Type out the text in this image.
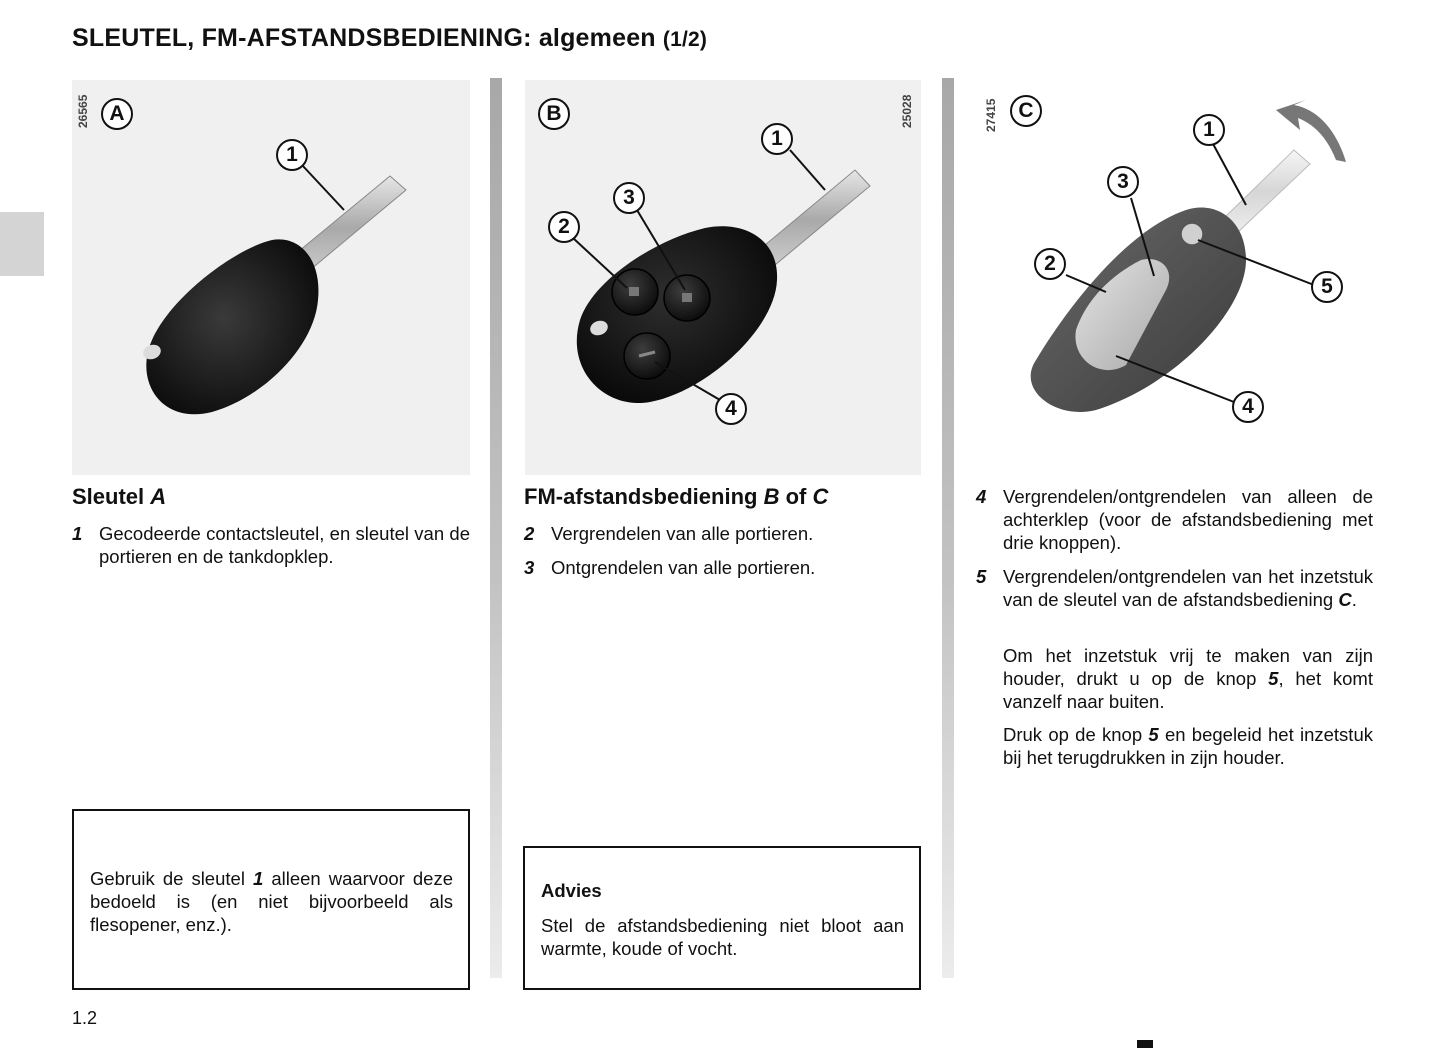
SLEUTEL, FM-AFSTANDSBEDIENING: algemeen (1/2)
26565 A
1
25028
B
1
2
3
4
27415 C
1
2
3
4
5
Sleutel A
1 Gecodeerde contactsleutel, en sleutel van de portieren en de tankdopklep.
Gebruik de sleutel 1 alleen waarvoor deze bedoeld is (en niet bijvoorbeeld als flesopener, enz.).
FM-afstandsbediening B of C
2 Vergrendelen van alle portieren.
3 Ontgrendelen van alle portieren.
Advies
Stel de afstandsbediening niet bloot aan warmte, koude of vocht.
4 Vergrendelen/ontgrendelen van alleen de achterklep (voor de afstandsbediening met drie knoppen).
5 Vergrendelen/ontgrendelen van het inzetstuk van de sleutel van de afstandsbediening C.
Om het inzetstuk vrij te maken van zijn houder, drukt u op de knop 5, het komt vanzelf naar buiten.
Druk op de knop 5 en begeleid het inzetstuk bij het terugdrukken in zijn houder.
1.2
